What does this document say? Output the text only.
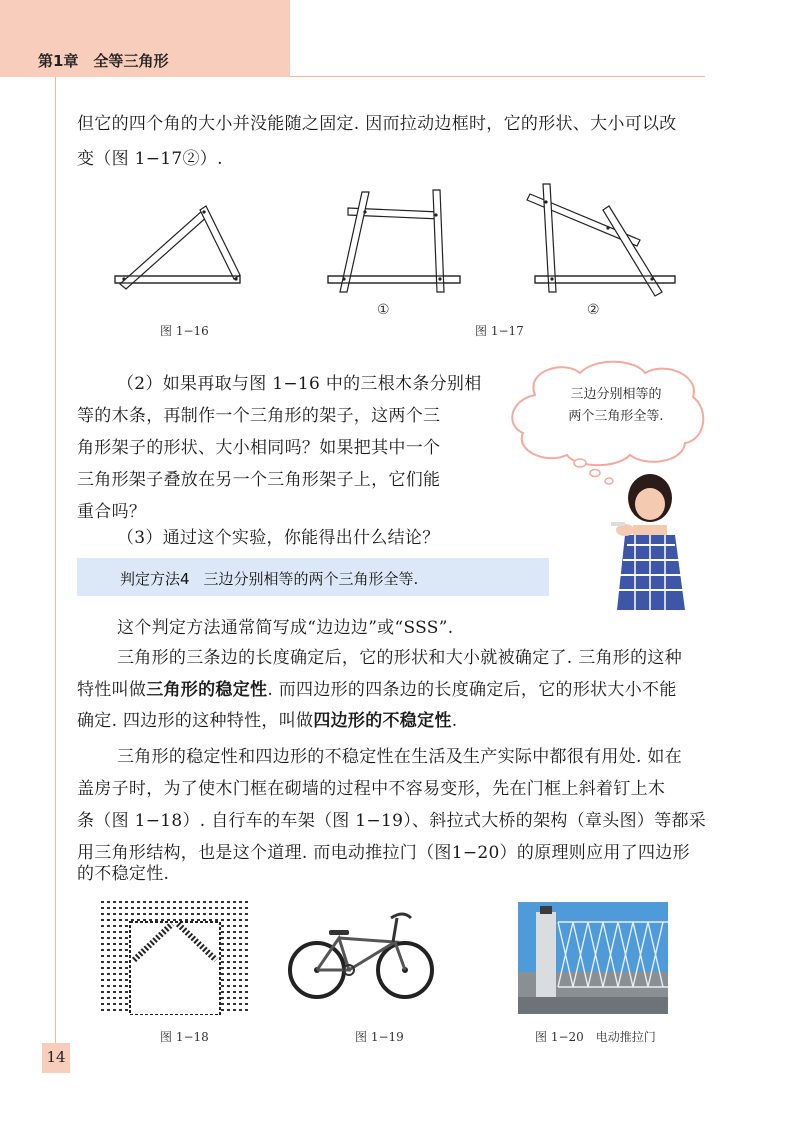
第1章　全等三角形

但它的四个角的大小并没能随之固定. 因而拉动边框时，它的形状、大小可以改

变（图 1−17②）.

①	②
图 1−16	图 1−17

（2）如果再取与图 1−16 中的三根木条分别相

等的木条，再制作一个三角形的架子，这两个三

角形架子的形状、大小相同吗？如果把其中一个

三角形架子叠放在另一个三角形架子上，它们能

重合吗？

（3）通过这个实验，你能得出什么结论？

三边分别相等的
两个三角形全等.
判定方法4 三边分别相等的两个三角形全等.

这个判定方法通常简写成“边边边”或“SSS”.

三角形的三条边的长度确定后，它的形状和大小就被确定了. 三角形的这种

特性叫做三角形的稳定性. 而四边形的四条边的长度确定后，它的形状大小不能

确定. 四边形的这种特性，叫做四边形的不稳定性.

三角形的稳定性和四边形的不稳定性在生活及生产实际中都很有用处. 如在

盖房子时，为了使木门框在砌墙的过程中不容易变形，先在门框上斜着钉上木

条（图 1−18）. 自行车的车架（图 1−19）、斜拉式大桥的架构（章头图）等都采

用三角形结构，也是这个道理. 而电动推拉门（图1−20）的原理则应用了四边形

的不稳定性.

图 1−18	图 1−19	图 1−20　电动推拉门
14
